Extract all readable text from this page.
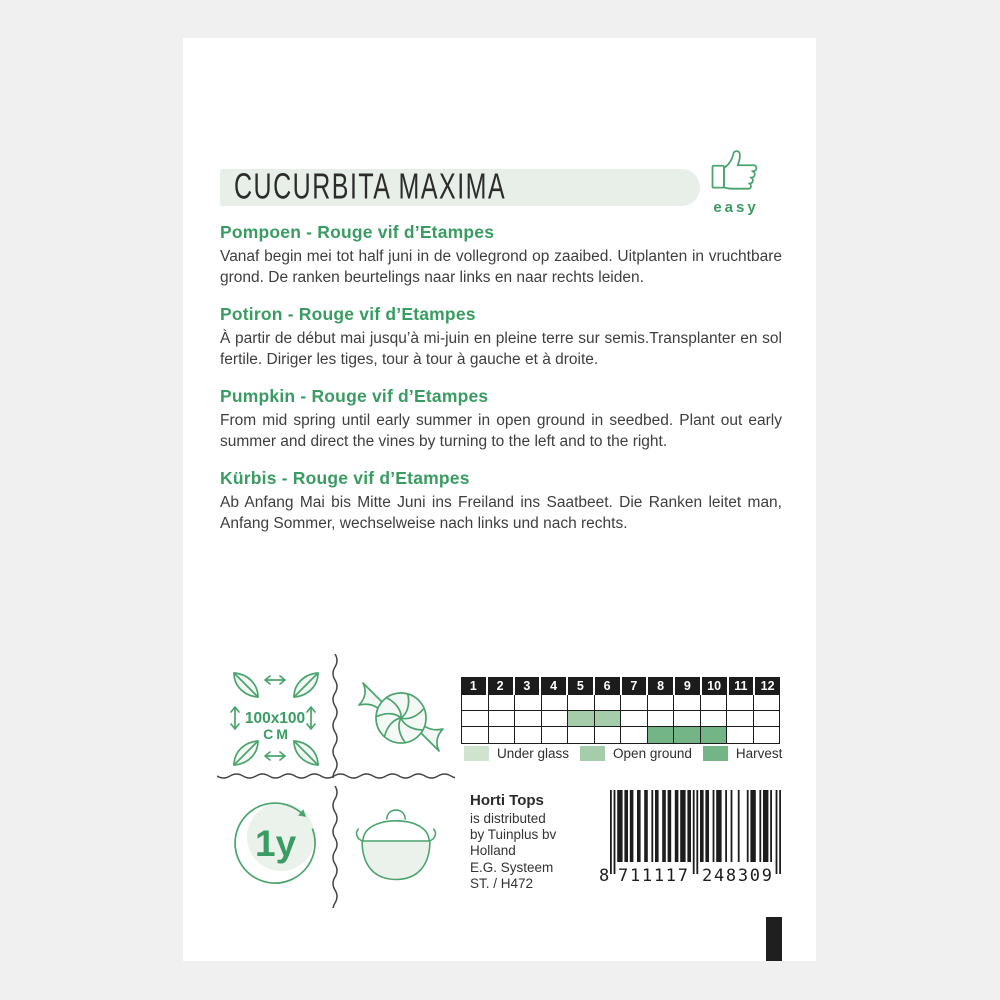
CUCURBITA MAXIMA
easy
Pompoen - Rouge vif d’Etampes

Vanaf begin mei tot half juni in de vollegrond op zaaibed. Uitplanten in vruchtbare grond. De ranken beurtelings naar links en naar rechts leiden.

Potiron - Rouge vif d’Etampes

À partir de début mai jusqu’à mi-juin en pleine terre sur semis.Transplanter en sol fertile. Diriger les tiges, tour à tour à gauche et à droite.

Pumpkin - Rouge vif d’Etampes

From mid spring until early summer in open ground in seedbed. Plant out early summer and direct the vines by turning to the left and to the right.

Kürbis - Rouge vif d’Etampes

Ab Anfang Mai bis Mitte Juni ins Freiland ins Saatbeet. Die Ranken leitet man, Anfang Sommer, wechselweise nach links und nach rechts.

100x100
CM
1y
1	2	3	4	5	6	7	8	9	10	11	12
Under glass	Open ground	Harvest
Horti Tops
is distributed
by Tuinplus bv
Holland
E.G. Systeem
ST. / H472	8 711117 248309
